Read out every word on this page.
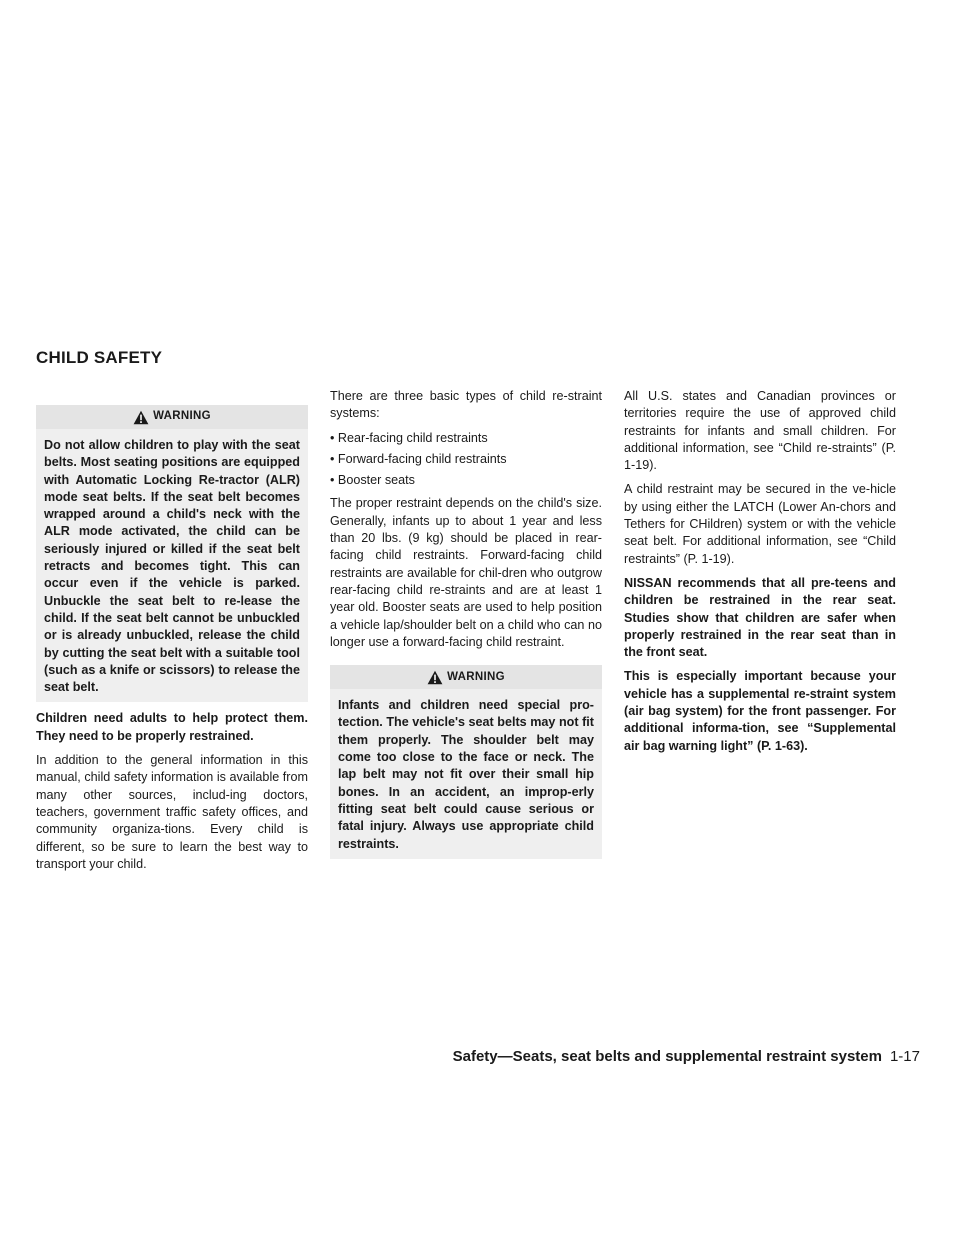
CHILD SAFETY
WARNING
Do not allow children to play with the seat belts. Most seating positions are equipped with Automatic Locking Re-tractor (ALR) mode seat belts. If the seat belt becomes wrapped around a child's neck with the ALR mode activated, the child can be seriously injured or killed if the seat belt retracts and becomes tight. This can occur even if the vehicle is parked. Unbuckle the seat belt to re-lease the child. If the seat belt cannot be unbuckled or is already unbuckled, release the child by cutting the seat belt with a suitable tool (such as a knife or scissors) to release the seat belt.

Children need adults to help protect them. They need to be properly restrained.

In addition to the general information in this manual, child safety information is available from many other sources, includ-ing doctors, teachers, government traffic safety offices, and community organiza-tions. Every child is different, so be sure to learn the best way to transport your child.

There are three basic types of child re-straint systems:

• Rear-facing child restraints
• Forward-facing child restraints
• Booster seats

The proper restraint depends on the child's size. Generally, infants up to about 1 year and less than 20 lbs. (9 kg) should be placed in rear-facing child restraints. Forward-facing child restraints are available for chil-dren who outgrow rear-facing child re-straints and are at least 1 year old. Booster seats are used to help position a vehicle lap/shoulder belt on a child who can no longer use a forward-facing child restraint.

WARNING
Infants and children need special pro-tection. The vehicle's seat belts may not fit them properly. The shoulder belt may come too close to the face or neck. The lap belt may not fit over their small hip bones. In an accident, an improp-erly fitting seat belt could cause serious or fatal injury. Always use appropriate child restraints.

All U.S. states and Canadian provinces or territories require the use of approved child restraints for infants and small children. For additional information, see “Child re-straints” (P. 1-19).

A child restraint may be secured in the ve-hicle by using either the LATCH (Lower An-chors and Tethers for CHildren) system or with the vehicle seat belt. For additional information, see “Child restraints” (P. 1-19).

NISSAN recommends that all pre-teens and children be restrained in the rear seat. Studies show that children are safer when properly restrained in the rear seat than in the front seat.

This is especially important because your vehicle has a supplemental re-straint system (air bag system) for the front passenger. For additional informa-tion, see “Supplemental air bag warning light” (P. 1-63).

Safety—Seats, seat belts and supplemental restraint system 1-17
